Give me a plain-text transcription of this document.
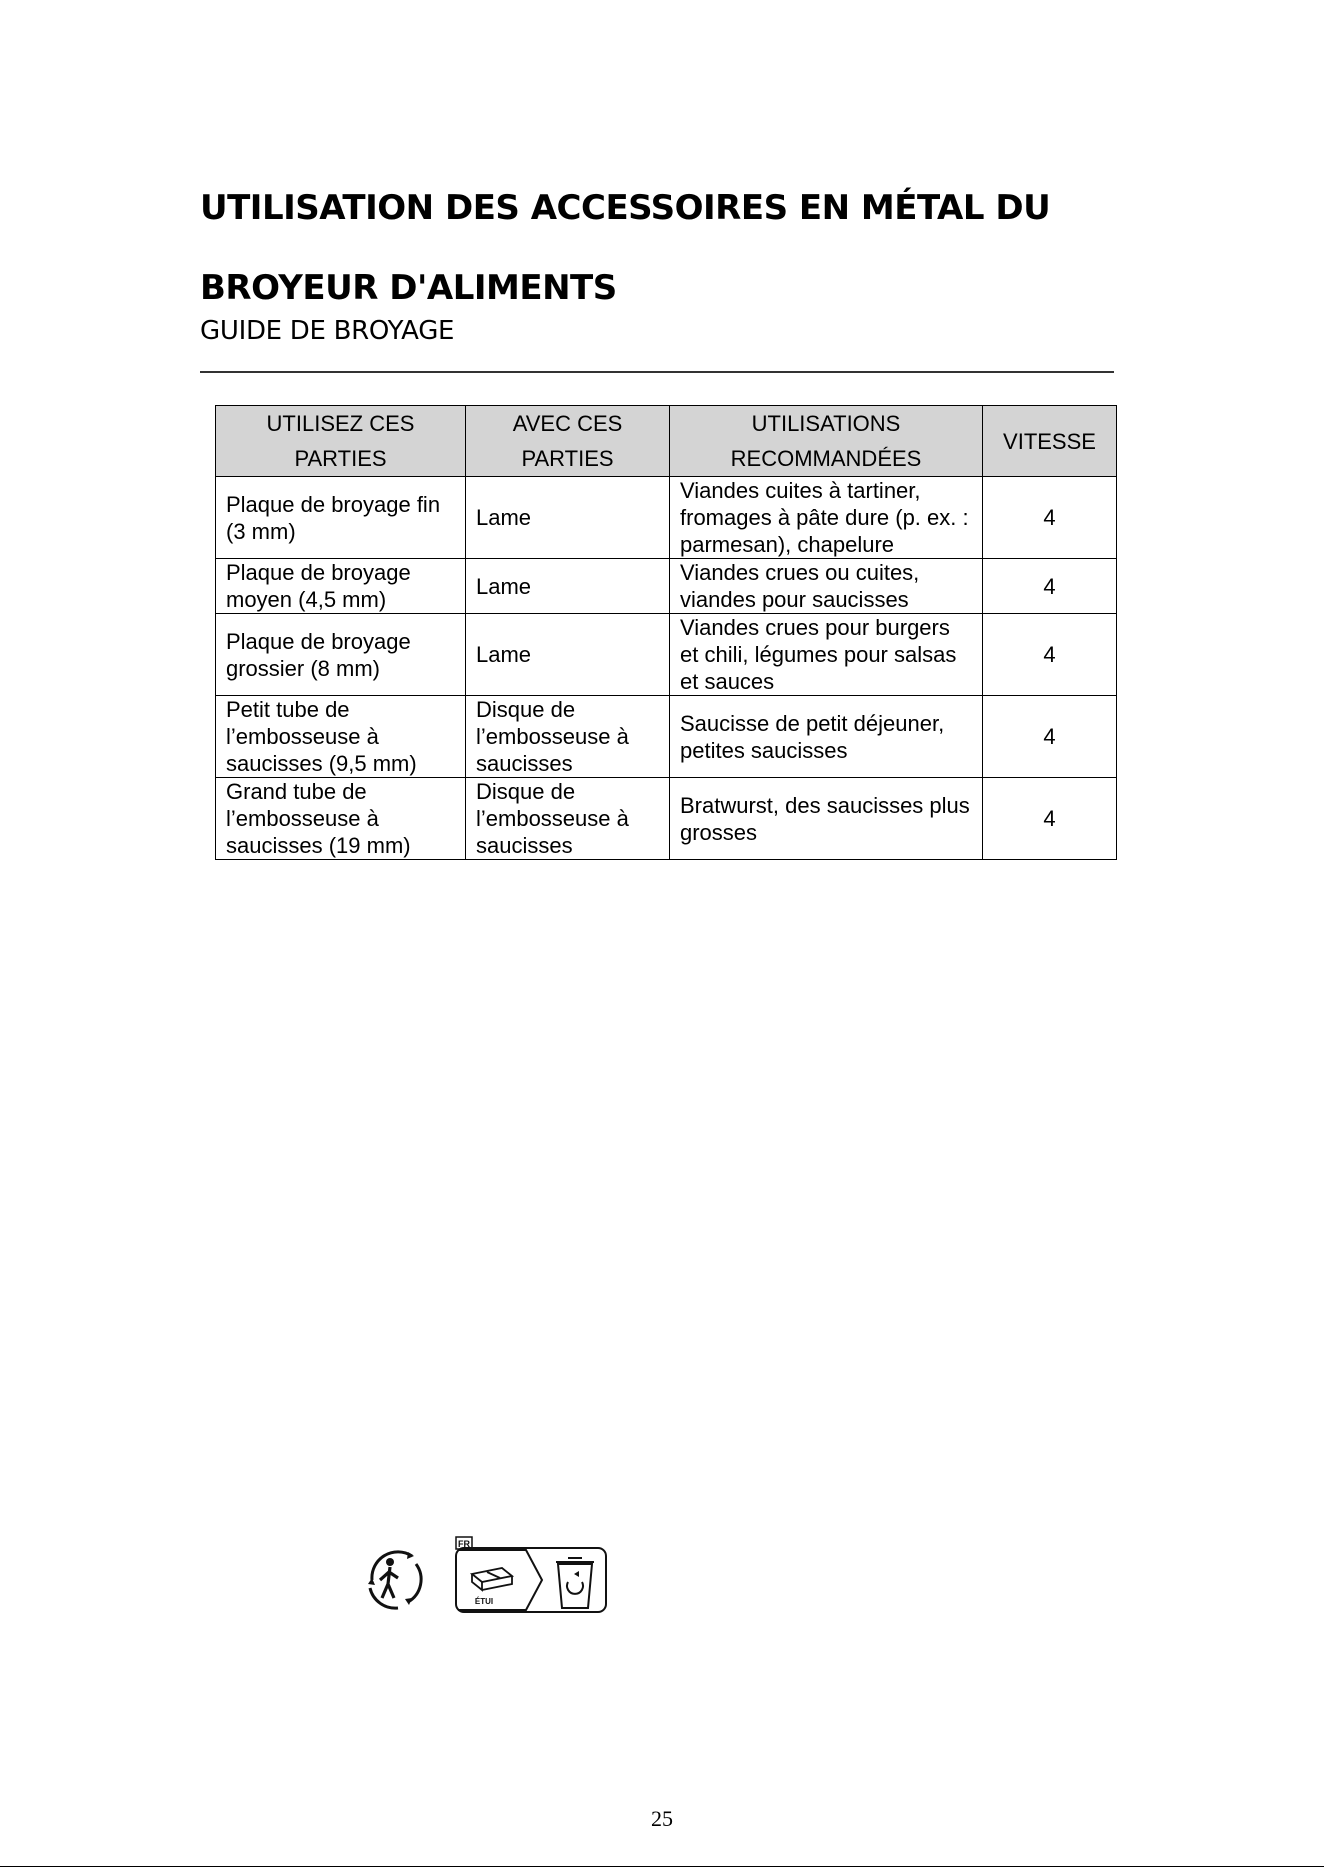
UTILISATION DES ACCESSOIRES EN MÉTAL DU BROYEUR D'ALIMENTS
GUIDE DE BROYAGE
UTILISEZ CES PARTIES	AVEC CES PARTIES	UTILISATIONS RECOMMANDÉES	VITESSE
Plaque de broyage fin (3 mm)	Lame	Viandes cuites à tartiner, fromages à pâte dure (p. ex. : parmesan), chapelure	4
Plaque de broyage moyen (4,5 mm)	Lame	Viandes crues ou cuites, viandes pour saucisses	4
Plaque de broyage grossier (8 mm)	Lame	Viandes crues pour burgers et chili, légumes pour salsas et sauces	4
Petit tube de l’embosseuse à saucisses (9,5 mm)	Disque de l’embosseuse à saucisses	Saucisse de petit déjeuner, petites saucisses	4
Grand tube de l’embosseuse à saucisses (19 mm)	Disque de l’embosseuse à saucisses	Bratwurst, des saucisses plus grosses	4
FR
ÉTUI
25
